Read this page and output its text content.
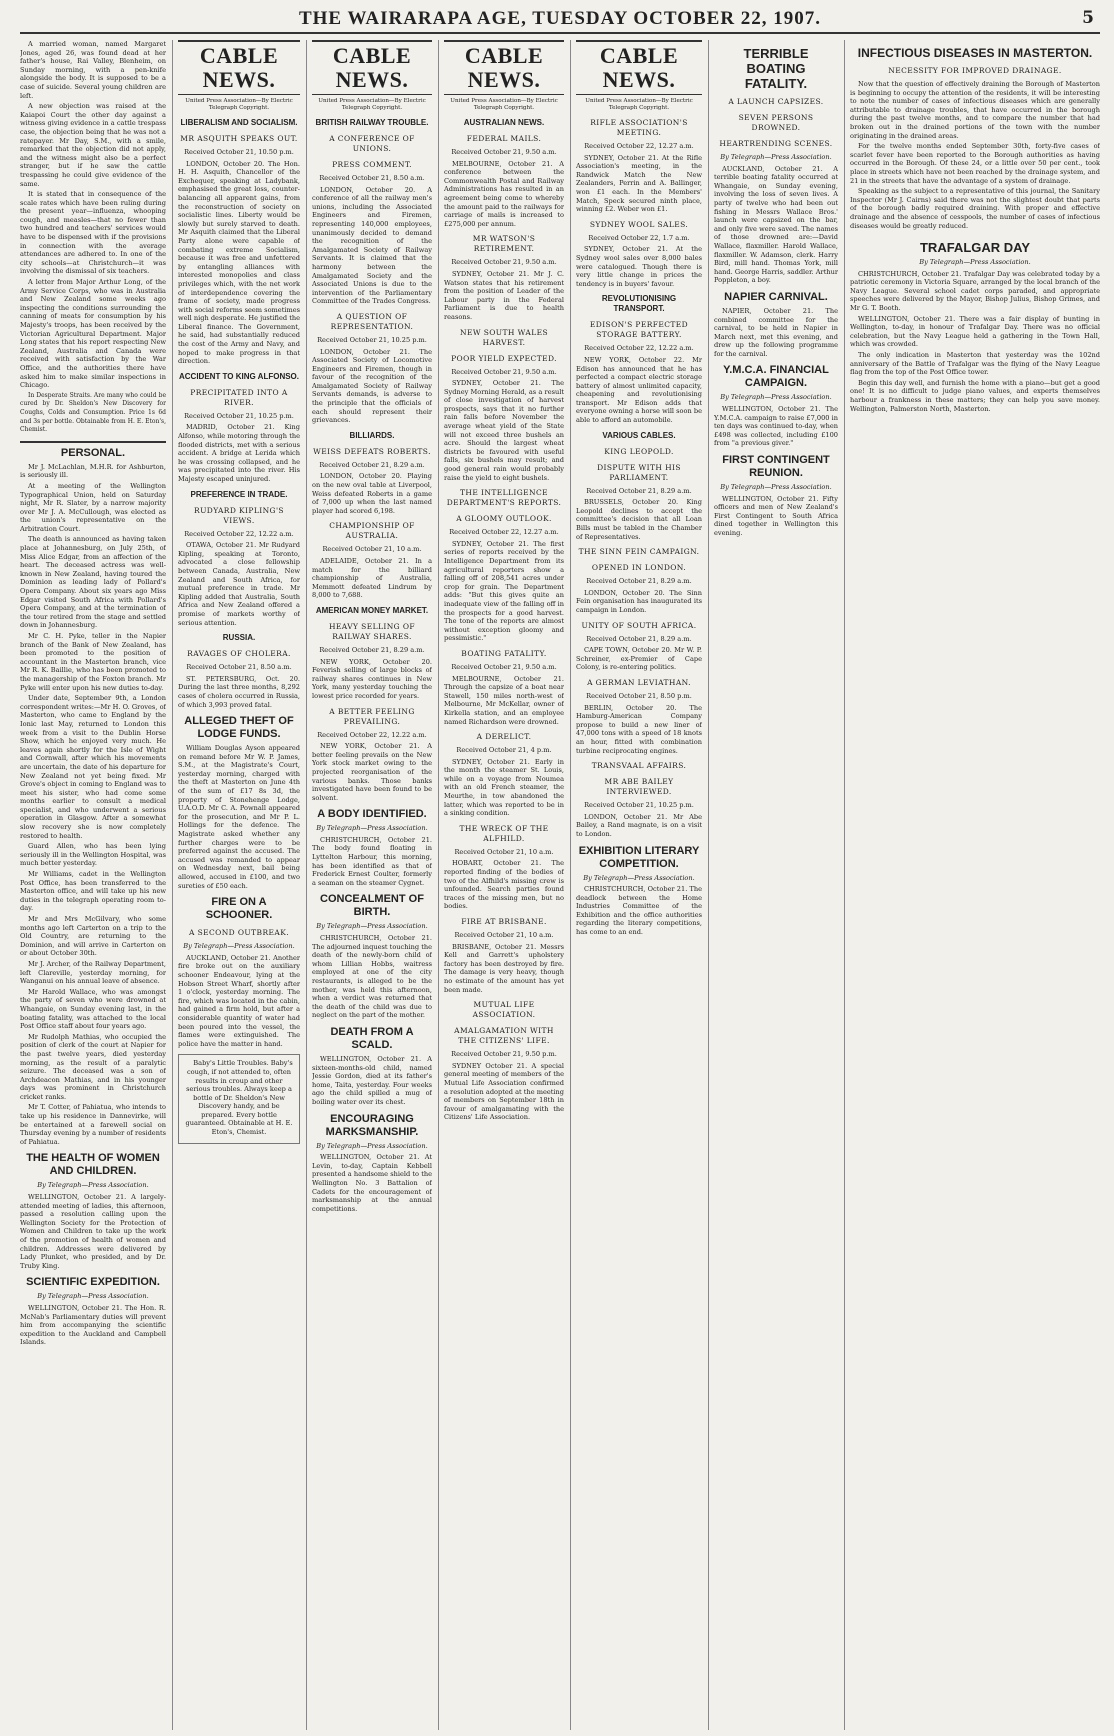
THE WAIRARAPA AGE, TUESDAY OCTOBER 22, 1907.	5

A married woman, named Margaret Jones, aged 26, was found dead at her father's house, Rai Valley, Blenheim, on Sunday morning, with a pen-knife alongside the body. It is supposed to be a case of suicide. Several young children are left.

A new objection was raised at the Kaiapoi Court the other day against a witness giving evidence in a cattle trespass case, the objection being that he was not a ratepayer. Mr Day, S.M., with a smile, remarked that the objection did not apply, and the witness might also be a perfect stranger, but if he saw the cattle trespassing he could give evidence of the same.

It is stated that in consequence of the scale rates which have been ruling during the present year—influenza, whooping cough, and measles—that no fewer than two hundred and teachers' services would have to be dispensed with if the provisions in connection with the average attendances are adhered to. In one of the city schools—at Christchurch—it was involving the dismissal of six teachers.

A letter from Major Arthur Long, of the Army Service Corps, who was in Australia and New Zealand some weeks ago inspecting the conditions surrounding the canning of meats for consumption by his Majesty's troops, has been received by the Victorian Agricultural Department. Major Long states that his report respecting New Zealand, Australia and Canada were received with satisfaction by the War Office, and the authorities there have asked him to make similar inspections in Chicago.

In Desperate Straits. Are many who could be cured by Dr. Sheldon's New Discovery for Coughs, Colds and Consumption. Price 1s 6d and 3s per bottle. Obtainable from H. E. Eton's, Chemist.

PERSONAL.

Mr J. McLachlan, M.H.R. for Ashburton, is seriously ill.

At a meeting of the Wellington Typographical Union, held on Saturday night, Mr R. Slater, by a narrow majority over Mr J. A. McCullough, was elected as the union's representative on the Arbitration Court.

The death is announced as having taken place at Johannesburg, on July 25th, of Miss Alice Edgar, from an affection of the heart. The deceased actress was well-known in New Zealand, having toured the Dominion as leading lady of Pollard's Opera Company. About six years ago Miss Edgar visited South Africa with Pollard's Opera Company, and at the termination of the tour retired from the stage and settled down in Johannesburg.

Mr C. H. Pyke, teller in the Napier branch of the Bank of New Zealand, has been promoted to the position of accountant in the Masterton branch, vice Mr R. K. Baillie, who has been promoted to the managership of the Foxton branch. Mr Pyke will enter upon his new duties to-day.

Under date, September 9th, a London correspondent writes:—Mr H. O. Groves, of Masterton, who came to England by the Ionic last May, returned to London this week from a visit to the Dublin Horse Show, which he enjoyed very much. He leaves again shortly for the Isle of Wight and Cornwall, after which his movements are uncertain, the date of his departure for New Zealand not yet being fixed. Mr Grove's object in coming to England was to meet his sister, who had come some months earlier to consult a medical specialist, and who underwent a serious operation in Glasgow. After a somewhat slow recovery she is now completely restored to health.

Guard Allen, who has been lying seriously ill in the Wellington Hospital, was much better yesterday.

Mr Williams, cadet in the Wellington Post Office, has been transferred to the Masterton office, and will take up his new duties in the telegraph operating room to-day.

Mr and Mrs McGilvary, who some months ago left Carterton on a trip to the Old Country, are returning to the Dominion, and will arrive in Carterton on or about October 30th.

Mr J. Archer, of the Railway Department, left Clareville, yesterday morning, for Wanganui on his annual leave of absence.

Mr Harold Wallace, who was amongst the party of seven who were drowned at Whangaie, on Sunday evening last, in the boating fatality, was attached to the local Post Office staff about four years ago.

Mr Rudolph Mathias, who occupied the position of clerk of the court at Napier for the past twelve years, died yesterday morning, as the result of a paralytic seizure. The deceased was a son of Archdeacon Mathias, and in his younger days was prominent in Christchurch cricket ranks.

Mr T. Cotter, of Pahiatua, who intends to take up his residence in Dannevirke, will be entertained at a farewell social on Thursday evening by a number of residents of Pahiatua.

THE HEALTH OF WOMEN AND CHILDREN.
By Telegraph—Press Association.

WELLINGTON, October 21. A largely-attended meeting of ladies, this afternoon, passed a resolution calling upon the Wellington Society for the Protection of Women and Children to take up the work of the promotion of health of women and children. Addresses were delivered by Lady Plunket, who presided, and by Dr. Truby King.

SCIENTIFIC EXPEDITION.
By Telegraph—Press Association.

WELLINGTON, October 21. The Hon. R. McNab's Parliamentary duties will prevent him from accompanying the scientific expedition to the Auckland and Campbell Islands.

CABLE NEWS.
United Press Association—By Electric Telegraph Copyright.
LIBERALISM AND SOCIALISM.
MR ASQUITH SPEAKS OUT.
Received October 21, 10.50 p.m.

LONDON, October 20. The Hon. H. H. Asquith, Chancellor of the Exchequer, speaking at Ladybank, emphasised the great loss, counter-balancing all apparent gains, from the reconstruction of society on socialistic lines. Liberty would be slowly but surely starved to death. Mr Asquith claimed that the Liberal Party alone were capable of combating extreme Socialism, because it was free and unfettered by entangling alliances with interested monopolies and class privileges which, with the net work of interdependence covering the frame of society, made progress with social reforms seem sometimes well nigh desperate. He justified the Liberal finance. The Government, he said, had substantially reduced the cost of the Army and Navy, and hoped to make progress in that direction.

ACCIDENT TO KING ALFONSO.
PRECIPITATED INTO A RIVER.
Received October 21, 10.25 p.m.

MADRID, October 21. King Alfonso, while motoring through the flooded districts, met with a serious accident. A bridge at Lerida which he was crossing collapsed, and he was precipitated into the river. His Majesty escaped uninjured.

PREFERENCE IN TRADE.
RUDYARD KIPLING'S VIEWS.
Received October 22, 12.22 a.m.

OTAWA, October 21. Mr Rudyard Kipling, speaking at Toronto, advocated a close fellowship between Canada, Australia, New Zealand and South Africa, for mutual preference in trade. Mr Kipling added that Australia, South Africa and New Zealand offered a promise of markets worthy of serious attention.

RUSSIA.
RAVAGES OF CHOLERA.
Received October 21, 8.50 a.m.

ST. PETERSBURG, Oct. 20. During the last three months, 8,292 cases of cholera occurred in Russia, of which 3,993 proved fatal.

ALLEGED THEFT OF LODGE FUNDS.

William Douglas Ayson appeared on remand before Mr W. P. James, S.M., at the Magistrate's Court, yesterday morning, charged with the theft at Masterton on June 4th of the sum of £17 8s 3d, the property of Stonehenge Lodge, U.A.O.D. Mr C. A. Pownall appeared for the prosecution, and Mr P. L. Hollings for the defence. The Magistrate asked whether any further charges were to be preferred against the accused. The accused was remanded to appear on Wednesday next, bail being allowed, accused in £100, and two sureties of £50 each.

FIRE ON A SCHOONER.
A SECOND OUTBREAK.
By Telegraph—Press Association.

AUCKLAND, October 21. Another fire broke out on the auxiliary schooner Endeavour, lying at the Hobson Street Wharf, shortly after 1 o'clock, yesterday morning. The fire, which was located in the cabin, had gained a firm hold, but after a considerable quantity of water had been poured into the vessel, the flames were extinguished. The police have the matter in hand.

Baby's Little Troubles. Baby's cough, if not attended to, often results in croup and other serious troubles. Always keep a bottle of Dr. Sheldon's New Discovery handy, and be prepared. Every bottle guaranteed. Obtainable at H. E. Eton's, Chemist.

CABLE NEWS.
United Press Association—By Electric Telegraph Copyright.
BRITISH RAILWAY TROUBLE.
A CONFERENCE OF UNIONS.
PRESS COMMENT.
Received October 21, 8.50 a.m.

LONDON, October 20. A conference of all the railway men's unions, including the Associated Engineers and Firemen, representing 140,000 employees, unanimously decided to demand the recognition of the Amalgamated Society of Railway Servants. It is claimed that the harmony between the Amalgamated Society and the Associated Unions is due to the intervention of the Parliamentary Committee of the Trades Congress.

A QUESTION OF REPRESENTATION.
Received October 21, 10.25 p.m.

LONDON, October 21. The Associated Society of Locomotive Engineers and Firemen, though in favour of the recognition of the Amalgamated Society of Railway Servants demands, is adverse to the principle that the officials of each should represent their grievances.

BILLIARDS.
WEISS DEFEATS ROBERTS.
Received October 21, 8.29 a.m.

LONDON, October 20. Playing on the new oval table at Liverpool, Weiss defeated Roberts in a game of 7,000 up when the last named player had scored 6,198.

CHAMPIONSHIP OF AUSTRALIA.
Received October 21, 10 a.m.

ADELAIDE, October 21. In a match for the billiard championship of Australia, Memmott defeated Lindrum by 8,000 to 7,688.

AMERICAN MONEY MARKET.
HEAVY SELLING OF RAILWAY SHARES.
Received October 21, 8.29 a.m.

NEW YORK, October 20. Feverish selling of large blocks of railway shares continues in New York, many yesterday touching the lowest price recorded for years.

A BETTER FEELING PREVAILING.
Received October 22, 12.22 a.m.

NEW YORK, October 21. A better feeling prevails on the New York stock market owing to the projected reorganisation of the various banks. Those banks investigated have been found to be solvent.

A BODY IDENTIFIED.
By Telegraph—Press Association.

CHRISTCHURCH, October 21. The body found floating in Lyttelton Harbour, this morning, has been identified as that of Frederick Ernest Coulter, formerly a seaman on the steamer Cygnet.

CONCEALMENT OF BIRTH.
By Telegraph—Press Association.

CHRISTCHURCH, October 21. The adjourned inquest touching the death of the newly-born child of whom Lillian Hobbs, waitress employed at one of the city restaurants, is alleged to be the mother, was held this afternoon, when a verdict was returned that the death of the child was due to neglect on the part of the mother.

DEATH FROM A SCALD.

WELLINGTON, October 21. A sixteen-months-old child, named Jessie Gordon, died at its father's home, Taita, yesterday. Four weeks ago the child spilled a mug of boiling water over its chest.

ENCOURAGING MARKSMANSHIP.
By Telegraph—Press Association.

WELLINGTON, October 21. At Levin, to-day, Captain Kebbell presented a handsome shield to the Wellington No. 3 Battalion of Cadets for the encouragement of marksmanship at the annual competitions.

CABLE NEWS.
United Press Association—By Electric Telegraph Copyright.
AUSTRALIAN NEWS.
FEDERAL MAILS.
Received October 21, 9.50 a.m.

MELBOURNE, October 21. A conference between the Commonwealth Postal and Railway Administrations has resulted in an agreement being come to whereby the amount paid to the railways for carriage of mails is increased to £275,000 per annum.

MR WATSON'S RETIREMENT.
Received October 21, 9.50 a.m.

SYDNEY, October 21. Mr J. C. Watson states that his retirement from the position of Leader of the Labour party in the Federal Parliament is due to health reasons.

NEW SOUTH WALES HARVEST.
POOR YIELD EXPECTED.
Received October 21, 9.50 a.m.

SYDNEY, October 21. The Sydney Morning Herald, as a result of close investigation of harvest prospects, says that it no further rain falls before November the average wheat yield of the State will not exceed three bushels an acre. Should the largest wheat districts be favoured with useful falls, six bushels may result; and good general rain would probably raise the yield to eight bushels.

THE INTELLIGENCE DEPARTMENT'S REPORTS.
A GLOOMY OUTLOOK.
Received October 22, 12.27 a.m.

SYDNEY, October 21. The first series of reports received by the Intelligence Department from its agricultural reporters show a falling off of 208,541 acres under crop for grain. The Department adds: "But this gives quite an inadequate view of the falling off in the prospects for a good harvest. The tone of the reports are almost without exception gloomy and pessimistic."

BOATING FATALITY.
Received October 21, 9.50 a.m.

MELBOURNE, October 21. Through the capsize of a boat near Stawell, 150 miles north-west of Melbourne, Mr McKellar, owner of Kirkella station, and an employee named Richardson were drowned.

A DERELICT.
Received October 21, 4 p.m.

SYDNEY, October 21. Early in the month the steamer St. Louis, while on a voyage from Noumea with an old French steamer, the Meurthe, in tow abandoned the latter, which was reported to be in a sinking condition.

THE WRECK OF THE ALFHILD.
Received October 21, 10 a.m.

HOBART, October 21. The reported finding of the bodies of two of the Alfhild's missing crew is unfounded. Search parties found traces of the missing men, but no bodies.

FIRE AT BRISBANE.
Received October 21, 10 a.m.

BRISBANE, October 21. Messrs Kell and Garrett's upholstery factory has been destroyed by fire. The damage is very heavy, though no estimate of the amount has yet been made.

MUTUAL LIFE ASSOCIATION.
AMALGAMATION WITH THE CITIZENS' LIFE.
Received October 21, 9.50 p.m.

SYDNEY October 21. A special general meeting of members of the Mutual Life Association confirmed a resolution adopted at the meeting of members on September 18th in favour of amalgamating with the Citizens' Life Association.

CABLE NEWS.
United Press Association—By Electric Telegraph Copyright.
RIFLE ASSOCIATION'S MEETING.
Received October 22, 12.27 a.m.

SYDNEY, October 21. At the Rifle Association's meeting, in the Randwick Match the New Zealanders, Perrin and A. Ballinger, won £1 each. In the Members' Match, Speck secured ninth place, winning £2. Weber won £1.

SYDNEY WOOL SALES.
Received October 22, 1.7 a.m.

SYDNEY, October 21. At the Sydney wool sales over 8,000 bales were catalogued. Though there is very little change in prices the tendency is in buyers' favour.

REVOLUTIONISING TRANSPORT.
EDISON'S PERFECTED STORAGE BATTERY.
Received October 22, 12.22 a.m.

NEW YORK, October 22. Mr Edison has announced that he has perfected a compact electric storage battery of almost unlimited capacity, cheapening and revolutionising transport. Mr Edison adds that everyone owning a horse will soon be able to afford an automobile.

VARIOUS CABLES.
KING LEOPOLD.
DISPUTE WITH HIS PARLIAMENT.
Received October 21, 8.29 a.m.

BRUSSELS, October 20. King Leopold declines to accept the committee's decision that all Loan Bills must be tabled in the Chamber of Representatives.

THE SINN FEIN CAMPAIGN.
OPENED IN LONDON.
Received October 21, 8.29 a.m.

LONDON, October 20. The Sinn Fein organisation has inaugurated its campaign in London.

UNITY OF SOUTH AFRICA.
Received October 21, 8.29 a.m.

CAPE TOWN, October 20. Mr W. P. Schreiner, ex-Premier of Cape Colony, is re-entering politics.

A GERMAN LEVIATHAN.
Received October 21, 8.50 p.m.

BERLIN, October 20. The Hamburg-American Company propose to build a new liner of 47,000 tons with a speed of 18 knots an hour, fitted with combination turbine reciprocating engines.

TRANSVAAL AFFAIRS.
MR ABE BAILEY INTERVIEWED.
Received October 21, 10.25 p.m.

LONDON, October 21. Mr Abe Bailey, a Rand magnate, is on a visit to London.

EXHIBITION LITERARY COMPETITION.
By Telegraph—Press Association.

CHRISTCHURCH, October 21. The deadlock between the Home Industries Committee of the Exhibition and the office authorities regarding the literary competitions, has come to an end.

TERRIBLE BOATING FATALITY.
A LAUNCH CAPSIZES.
SEVEN PERSONS DROWNED.
HEARTRENDING SCENES.
By Telegraph—Press Association.

AUCKLAND, October 21. A terrible boating fatality occurred at Whangaie, on Sunday evening, involving the loss of seven lives. A party of twelve who had been out fishing in Messrs Wallace Bros.' launch were capsized on the bar, and only five were saved. The names of those drowned are:—David Wallace, flaxmiller. Harold Wallace, flaxmiller. W. Adamson, clerk. Harry Bird, mill hand. Thomas York, mill hand. George Harris, saddler. Arthur Poppleton, a boy.

NAPIER CARNIVAL.

NAPIER, October 21. The combined committee for the carnival, to be held in Napier in March next, met this evening, and drew up the following programme for the carnival.

Y.M.C.A. FINANCIAL CAMPAIGN.
By Telegraph—Press Association.

WELLINGTON, October 21. The Y.M.C.A. campaign to raise £7,000 in ten days was continued to-day, when £498 was collected, including £100 from "a previous giver."

FIRST CONTINGENT REUNION.
By Telegraph—Press Association.

WELLINGTON, October 21. Fifty officers and men of New Zealand's First Contingent to South Africa dined together in Wellington this evening.

INFECTIOUS DISEASES IN MASTERTON.
NECESSITY FOR IMPROVED DRAINAGE.

Now that the question of effectively draining the Borough of Masterton is beginning to occupy the attention of the residents, it will be interesting to note the number of cases of infectious diseases which are generally attributable to drainage troubles, that have occurred in the borough during the past twelve months, and to compare the number that had broken out in the drained portions of the town with the number originating in the drained areas.

For the twelve months ended September 30th, forty-five cases of scarlet fever have been reported to the Borough authorities as having occurred in the Borough. Of these 24, or a little over 50 per cent., took place in streets which have not been reached by the drainage system, and 21 in the streets that have the advantage of a system of drainage.

Speaking as the subject to a representative of this journal, the Sanitary Inspector (Mr J. Cairns) said there was not the slightest doubt that parts of the borough badly required draining. With proper and effective drainage and the absence of cesspools, the number of cases of infectious diseases would be greatly reduced.

TRAFALGAR DAY
By Telegraph—Press Association.

CHRISTCHURCH, October 21. Trafalgar Day was celebrated today by a patriotic ceremony in Victoria Square, arranged by the local branch of the Navy League. Several school cadet corps paraded, and appropriate speeches were delivered by the Mayor, Bishop Julius, Bishop Grimes, and Mr G. T. Booth.

WELLINGTON, October 21. There was a fair display of bunting in Wellington, to-day, in honour of Trafalgar Day. There was no official celebration, but the Navy League held a gathering in the Town Hall, which was crowded.

The only indication in Masterton that yesterday was the 102nd anniversary of the Battle of Trafalgar was the flying of the Navy League flag from the top of the Post Office tower.

Begin this day well, and furnish the home with a piano—but get a good one! It is no difficult to judge piano values, and experts themselves harbour a frankness in these matters; they can help you save money. Wellington, Palmerston North, Masterton.
